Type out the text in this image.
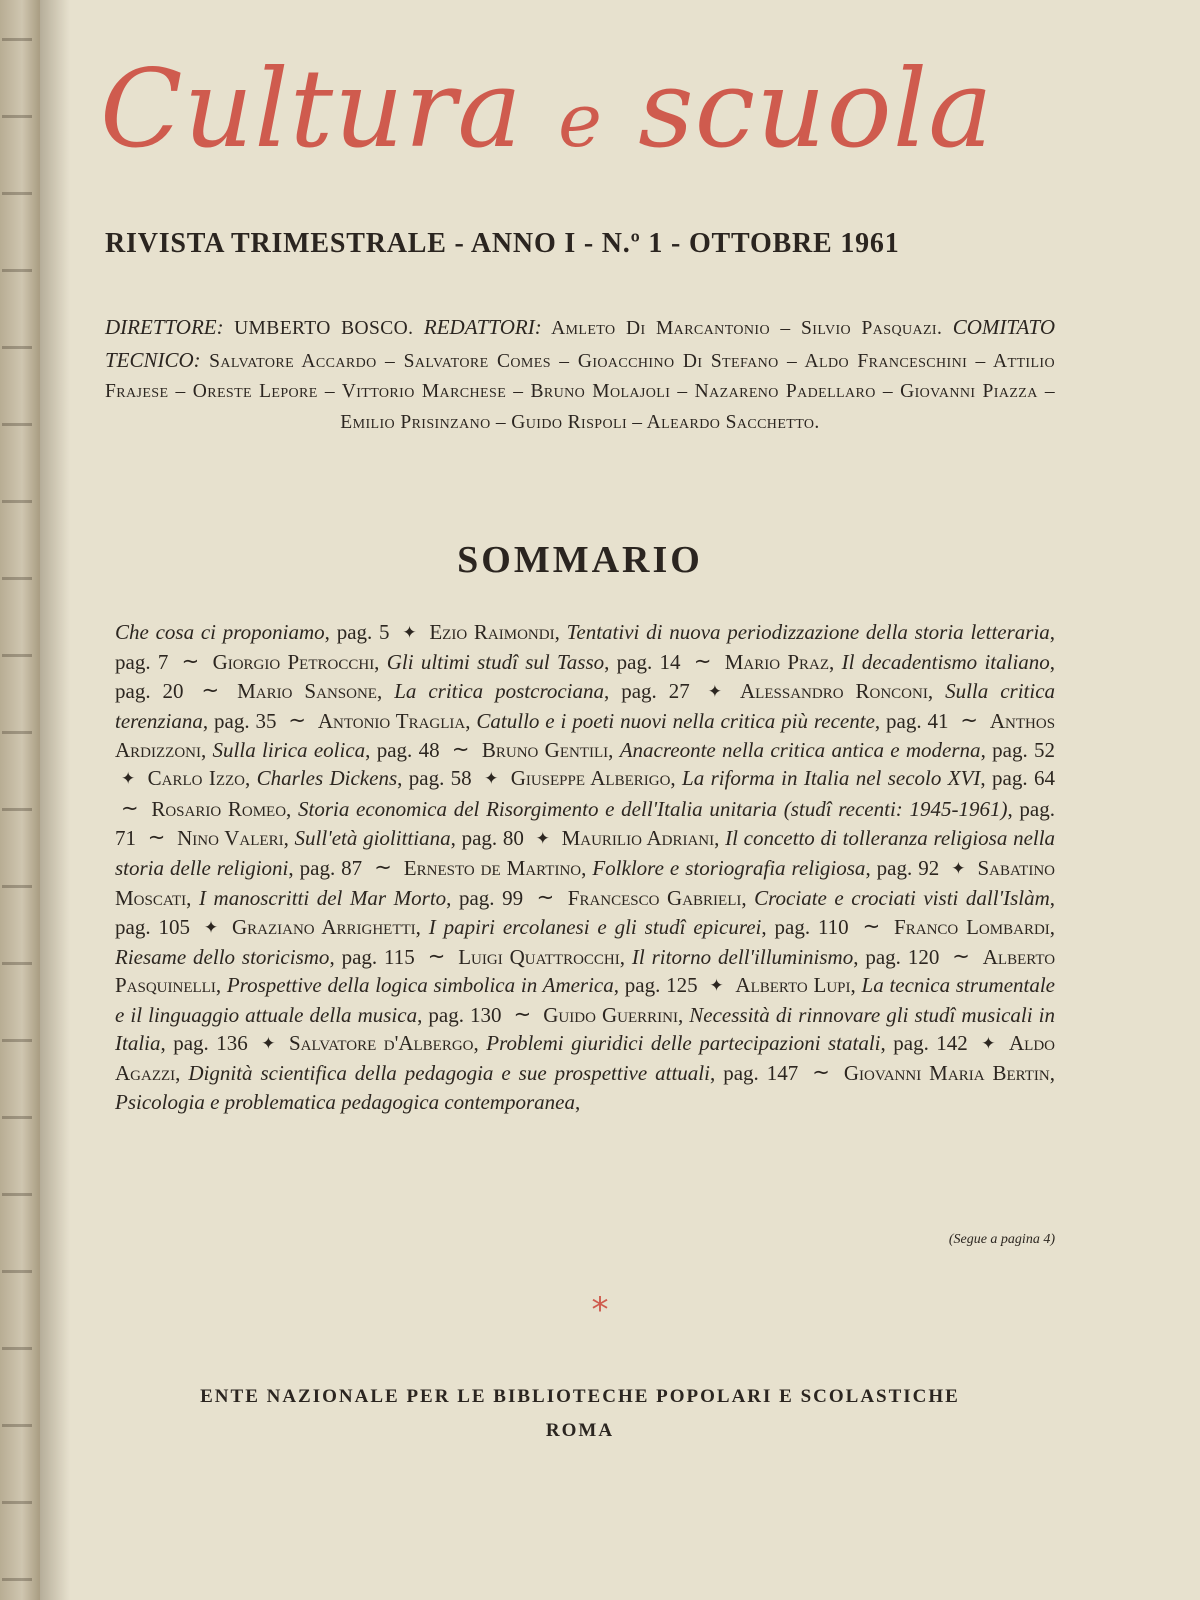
Cultura e scuola
RIVISTA TRIMESTRALE - ANNO I - N.º 1 - OTTOBRE 1961
DIRETTORE: UMBERTO BOSCO. REDATTORI: Amleto Di Marcantonio – Silvio Pasquazi. COMITATO TECNICO: Salvatore Accardo – Salvatore Comes – Gioacchino Di Stefano – Aldo Franceschini – Attilio Frajese – Oreste Lepore – Vittorio Marchese – Bruno Molajoli – Nazareno Padellaro – Giovanni Piazza – Emilio Prisinzano – Guido Rispoli – Aleardo Sacchetto.
SOMMARIO
Che cosa ci proponiamo, pag. 5 ✦ Ezio Raimondi, Tentativi di nuova periodizzazione della storia letteraria, pag. 7 ∼ Giorgio Petrocchi, Gli ultimi studî sul Tasso, pag. 14 ∼ Mario Praz, Il decadentismo italiano, pag. 20 ∼ Mario Sansone, La critica postcrociana, pag. 27 ✦ Alessandro Ronconi, Sulla critica terenziana, pag. 35 ∼ Antonio Traglia, Catullo e i poeti nuovi nella critica più recente, pag. 41 ∼ Anthos Ardizzoni, Sulla lirica eolica, pag. 48 ∼ Bruno Gentili, Anacreonte nella critica antica e moderna, pag. 52 ✦ Carlo Izzo, Charles Dickens, pag. 58 ✦ Giuseppe Alberigo, La riforma in Italia nel secolo XVI, pag. 64 ∼ Rosario Romeo, Storia economica del Risorgimento e dell'Italia unitaria (studî recenti: 1945-1961), pag. 71 ∼ Nino Valeri, Sull'età giolittiana, pag. 80 ✦ Maurilio Adriani, Il concetto di tolleranza religiosa nella storia delle religioni, pag. 87 ∼ Ernesto de Martino, Folklore e storiografia religiosa, pag. 92 ✦ Sabatino Moscati, I manoscritti del Mar Morto, pag. 99 ∼ Francesco Gabrieli, Crociate e crociati visti dall'Islàm, pag. 105 ✦ Graziano Arrighetti, I papiri ercolanesi e gli studî epicurei, pag. 110 ∼ Franco Lombardi, Riesame dello storicismo, pag. 115 ∼ Luigi Quattrocchi, Il ritorno dell'illuminismo, pag. 120 ∼ Alberto Pasquinelli, Prospettive della logica simbolica in America, pag. 125 ✦ Alberto Lupi, La tecnica strumentale e il linguaggio attuale della musica, pag. 130 ∼ Guido Guerrini, Necessità di rinnovare gli studî musicali in Italia, pag. 136 ✦ Salvatore d'Albergo, Problemi giuridici delle partecipazioni statali, pag. 142 ✦ Aldo Agazzi, Dignità scientifica della pedagogia e sue prospettive attuali, pag. 147 ∼ Giovanni Maria Bertin, Psicologia e problematica pedagogica contemporanea,
(Segue a pagina 4)
*
ENTE NAZIONALE PER LE BIBLIOTECHE POPOLARI E SCOLASTICHE
ROMA
